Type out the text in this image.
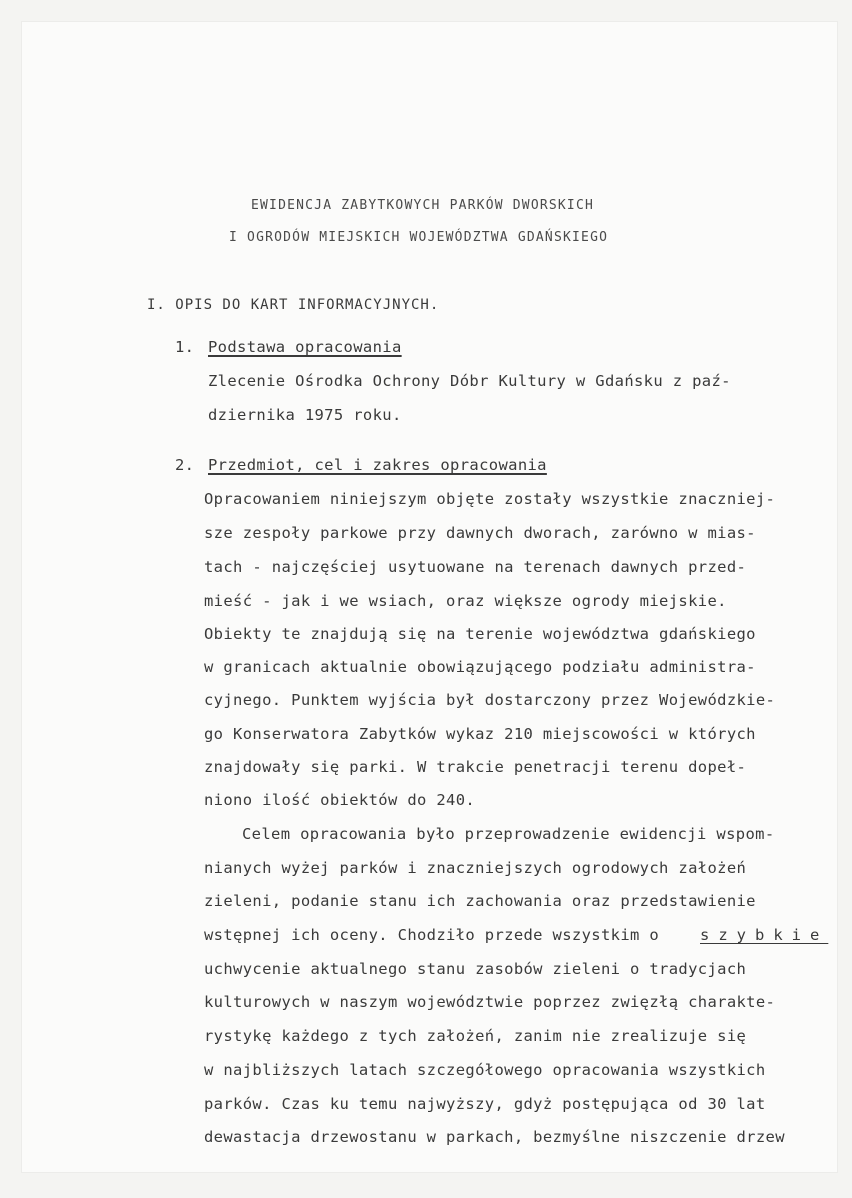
EWIDENCJA ZABYTKOWYCH PARKÓW DWORSKICH
I OGRODÓW MIEJSKICH WOJEWÓDZTWA GDAŃSKIEGO
I. OPIS DO KART INFORMACYJNYCH.
1. Podstawa opracowania
Zlecenie Ośrodka Ochrony Dóbr Kultury w Gdańsku z paź-
dziernika 1975 roku.
2. Przedmiot, cel i zakres opracowania
Opracowaniem niniejszym objęte zostały wszystkie znaczniej-
sze zespoły parkowe przy dawnych dworach, zarówno w mias-
tach - najczęściej usytuowane na terenach dawnych przed-
mieść - jak i we wsiach, oraz większe ogrody miejskie.
Obiekty te znajdują się na terenie województwa gdańskiego
w granicach aktualnie obowiązującego podziału administra-
cyjnego. Punktem wyjścia był dostarczony przez Wojewódzkie-
go Konserwatora Zabytków wykaz 210 miejscowości w których
znajdowały się parki. W trakcie penetracji terenu dopeł-
niono ilość obiektów do 240.
Celem opracowania było przeprowadzenie ewidencji wspom-
nianych wyżej parków i znaczniejszych ogrodowych założeń
zieleni, podanie stanu ich zachowania oraz przedstawienie
wstępnej ich oceny. Chodziło przede wszystkim o	szybkie
uchwycenie aktualnego stanu zasobów zieleni o tradycjach
kulturowych w naszym województwie poprzez zwięzłą charakte-
rystykę każdego z tych założeń, zanim nie zrealizuje się
w najbliższych latach szczegółowego opracowania wszystkich
parków. Czas ku temu najwyższy, gdyż postępująca od 30 lat
dewastacja drzewostanu w parkach, bezmyślne niszczenie drzew
